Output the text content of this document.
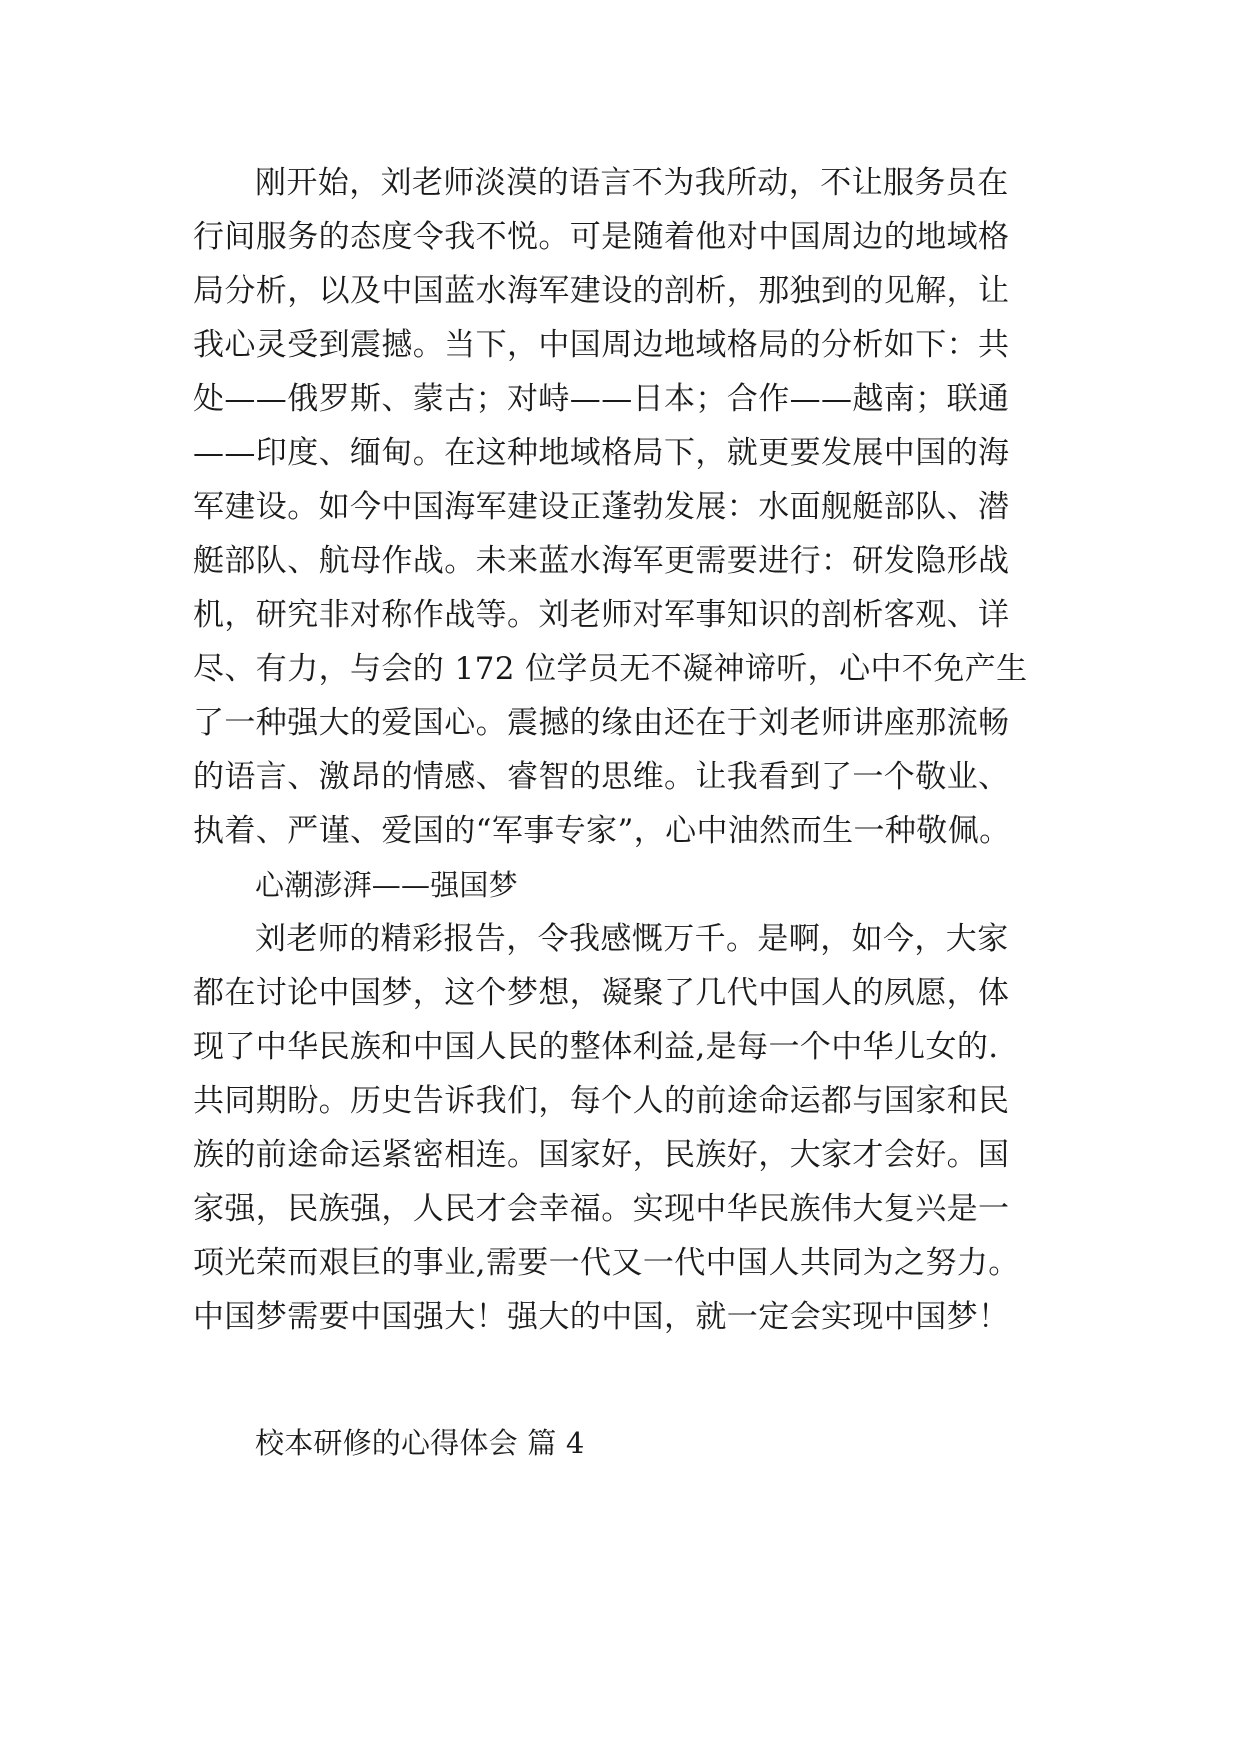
刚开始，刘老师淡漠的语言不为我所动，不让服务员在
行间服务的态度令我不悦。可是随着他对中国周边的地域格
局分析，以及中国蓝水海军建设的剖析，那独到的见解，让
我心灵受到震撼。当下，中国周边地域格局的分析如下：共
处——俄罗斯、蒙古；对峙——日本；合作——越南；联通
——印度、缅甸。在这种地域格局下，就更要发展中国的海
军建设。如今中国海军建设正蓬勃发展：水面舰艇部队、潜
艇部队、航母作战。未来蓝水海军更需要进行：研发隐形战
机，研究非对称作战等。刘老师对军事知识的剖析客观、详
尽、有力，与会的 172 位学员无不凝神谛听，心中不免产生
了一种强大的爱国心。震撼的缘由还在于刘老师讲座那流畅
的语言、激昂的情感、睿智的思维。让我看到了一个敬业、
执着、严谨、爱国的“军事专家”，心中油然而生一种敬佩。
心潮澎湃——强国梦
刘老师的精彩报告，令我感慨万千。是啊，如今，大家
都在讨论中国梦，这个梦想，凝聚了几代中国人的夙愿，体
现了中华民族和中国人民的整体利益,是每一个中华儿女的.
共同期盼。历史告诉我们，每个人的前途命运都与国家和民
族的前途命运紧密相连。国家好，民族好，大家才会好。国
家强，民族强，人民才会幸福。实现中华民族伟大复兴是一
项光荣而艰巨的事业,需要一代又一代中国人共同为之努力。
中国梦需要中国强大！强大的中国，就一定会实现中国梦！
校本研修的心得体会 篇 4
